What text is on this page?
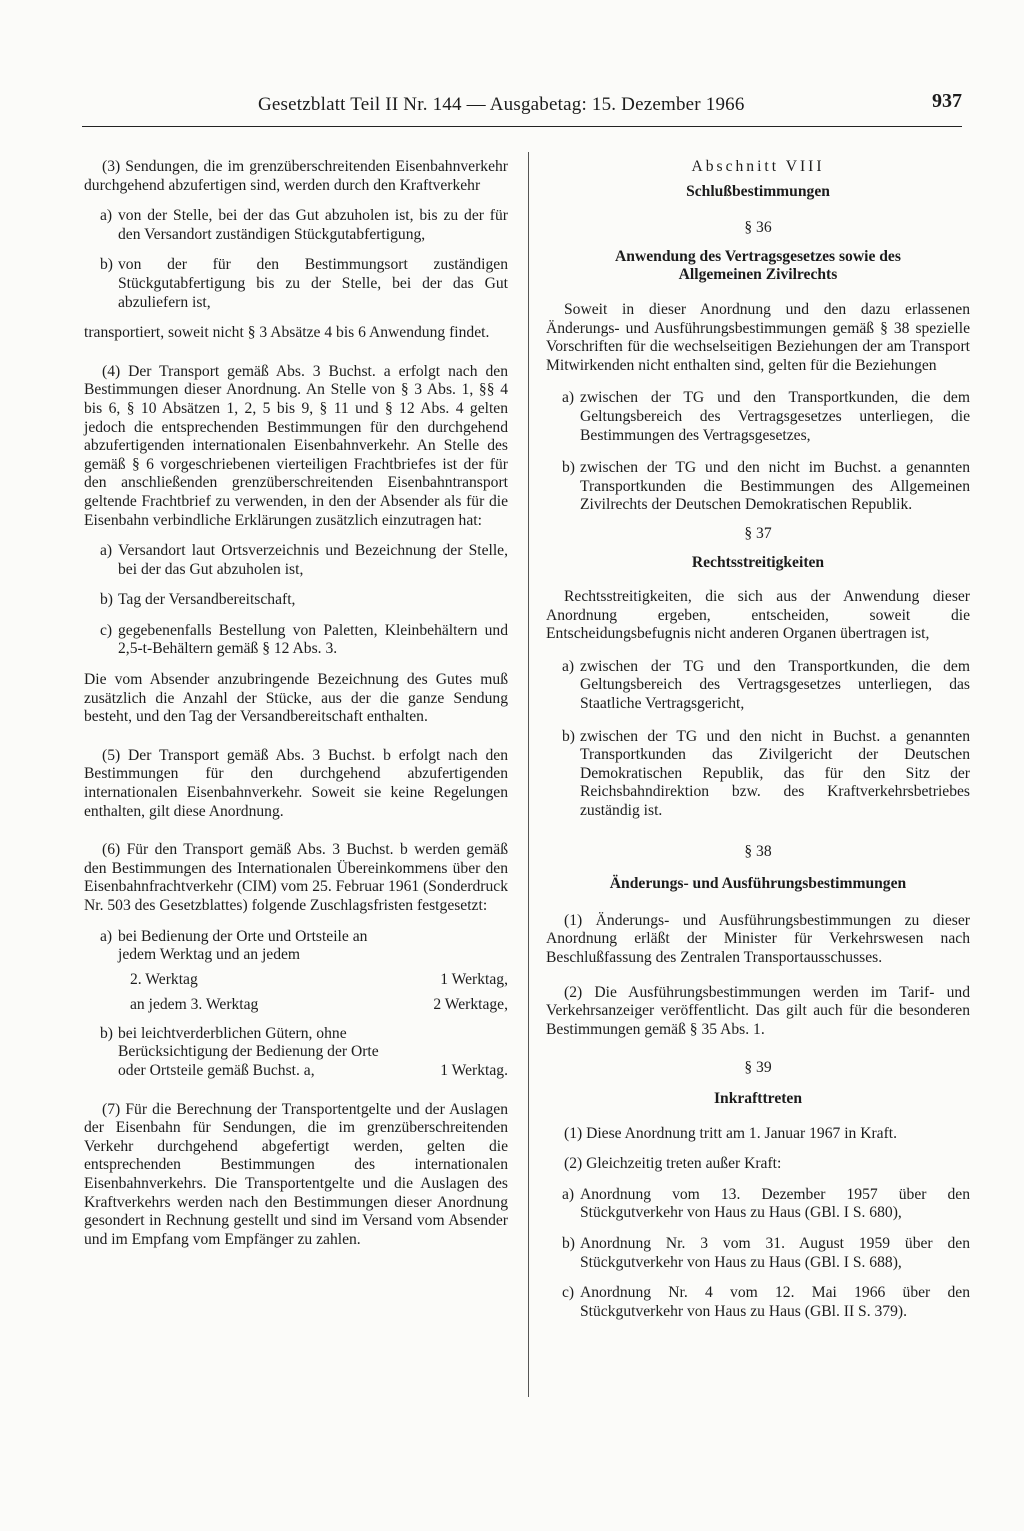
Gesetzblatt Teil II Nr. 144 — Ausgabetag: 15. Dezember 1966	937

(3) Sendungen, die im grenzüberschreitenden Eisenbahnverkehr durchgehend abzufertigen sind, werden durch den Kraftverkehr

a) von der Stelle, bei der das Gut abzuholen ist, bis zu der für den Versandort zuständigen Stückgutabfertigung,

b) von der für den Bestimmungsort zuständigen Stückgutabfertigung bis zu der Stelle, bei der das Gut abzuliefern ist,

transportiert, soweit nicht § 3 Absätze 4 bis 6 Anwendung findet.

(4) Der Transport gemäß Abs. 3 Buchst. a erfolgt nach den Bestimmungen dieser Anordnung. An Stelle von § 3 Abs. 1, §§ 4 bis 6, § 10 Absätzen 1, 2, 5 bis 9, § 11 und § 12 Abs. 4 gelten jedoch die entsprechenden Bestimmungen für den durchgehend abzufertigenden internationalen Eisenbahnverkehr. An Stelle des gemäß § 6 vorgeschriebenen vierteiligen Frachtbriefes ist der für den anschließenden grenzüberschreitenden Eisenbahntransport geltende Frachtbrief zu verwenden, in den der Absender als für die Eisenbahn verbindliche Erklärungen zusätzlich einzutragen hat:

a) Versandort laut Ortsverzeichnis und Bezeichnung der Stelle, bei der das Gut abzuholen ist,

b) Tag der Versandbereitschaft,

c) gegebenenfalls Bestellung von Paletten, Kleinbehältern und 2,5-t-Behältern gemäß § 12 Abs. 3.

Die vom Absender anzubringende Bezeichnung des Gutes muß zusätzlich die Anzahl der Stücke, aus der die ganze Sendung besteht, und den Tag der Versandbereitschaft enthalten.

(5) Der Transport gemäß Abs. 3 Buchst. b erfolgt nach den Bestimmungen für den durchgehend abzufertigenden internationalen Eisenbahnverkehr. Soweit sie keine Regelungen enthalten, gilt diese Anordnung.

(6) Für den Transport gemäß Abs. 3 Buchst. b werden gemäß den Bestimmungen des Internationalen Übereinkommens über den Eisenbahnfrachtverkehr (CIM) vom 25. Februar 1961 (Sonderdruck Nr. 503 des Gesetzblattes) folgende Zuschlagsfristen festgesetzt:

a) bei Bedienung der Orte und Ortsteile an jedem Werktag und an jedem

2. Werktag	1 Werktag,
an jedem 3. Werktag	2 Werktage,
b) bei leichtverderblichen Gütern, ohne Berücksichtigung der Bedienung der Orte oder Ortsteile gemäß Buchst. a,	1 Werktag.

(7) Für die Berechnung der Transportentgelte und der Auslagen der Eisenbahn für Sendungen, die im grenzüberschreitenden Verkehr durchgehend abgefertigt werden, gelten die entsprechenden Bestimmungen des internationalen Eisenbahnverkehrs. Die Transportentgelte und die Auslagen des Kraftverkehrs werden nach den Bestimmungen dieser Anordnung gesondert in Rechnung gestellt und sind im Versand vom Absender und im Empfang vom Empfänger zu zahlen.

Abschnitt VIII

Schlußbestimmungen

§ 36

Anwendung des Vertragsgesetzes sowie des Allgemeinen Zivilrechts

Soweit in dieser Anordnung und den dazu erlassenen Änderungs- und Ausführungsbestimmungen gemäß § 38 spezielle Vorschriften für die wechselseitigen Beziehungen der am Transport Mitwirkenden nicht enthalten sind, gelten für die Beziehungen

a) zwischen der TG und den Transportkunden, die dem Geltungsbereich des Vertragsgesetzes unterliegen, die Bestimmungen des Vertragsgesetzes,

b) zwischen der TG und den nicht im Buchst. a genannten Transportkunden die Bestimmungen des Allgemeinen Zivilrechts der Deutschen Demokratischen Republik.

§ 37

Rechtsstreitigkeiten

Rechtsstreitigkeiten, die sich aus der Anwendung dieser Anordnung ergeben, entscheiden, soweit die Entscheidungsbefugnis nicht anderen Organen übertragen ist,

a) zwischen der TG und den Transportkunden, die dem Geltungsbereich des Vertragsgesetzes unterliegen, das Staatliche Vertragsgericht,

b) zwischen der TG und den nicht in Buchst. a genannten Transportkunden das Zivilgericht der Deutschen Demokratischen Republik, das für den Sitz der Reichsbahndirektion bzw. des Kraftverkehrsbetriebes zuständig ist.

§ 38

Änderungs- und Ausführungsbestimmungen

(1) Änderungs- und Ausführungsbestimmungen zu dieser Anordnung erläßt der Minister für Verkehrswesen nach Beschlußfassung des Zentralen Transportausschusses.

(2) Die Ausführungsbestimmungen werden im Tarif- und Verkehrsanzeiger veröffentlicht. Das gilt auch für die besonderen Bestimmungen gemäß § 35 Abs. 1.

§ 39

Inkrafttreten

(1) Diese Anordnung tritt am 1. Januar 1967 in Kraft.

(2) Gleichzeitig treten außer Kraft:

a) Anordnung vom 13. Dezember 1957 über den Stückgutverkehr von Haus zu Haus (GBl. I S. 680),

b) Anordnung Nr. 3 vom 31. August 1959 über den Stückgutverkehr von Haus zu Haus (GBl. I S. 688),

c) Anordnung Nr. 4 vom 12. Mai 1966 über den Stückgutverkehr von Haus zu Haus (GBl. II S. 379).
